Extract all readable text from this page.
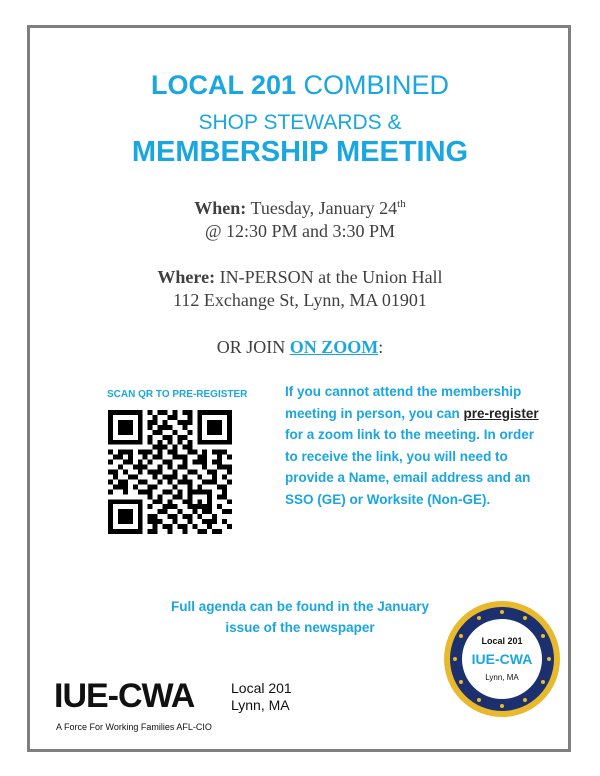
LOCAL 201 COMBINED
SHOP STEWARDS &
MEMBERSHIP MEETING
When: Tuesday, January 24th
@ 12:30 PM and 3:30 PM
Where: IN-PERSON at the Union Hall
112 Exchange St, Lynn, MA 01901
OR JOIN ON ZOOM:
SCAN QR TO PRE-REGISTER	If you cannot attend the membership meeting in person, you can pre-register for a zoom link to the meeting. In order to receive the link, you will need to provide a Name, email address and an SSO (GE) or Worksite (Non-GE).
Full agenda can be found in the January
issue of the newspaper
IUE-CWA	Local 201
Lynn, MA
A Force For Working Families AFL-CIO
Local 201
IUE-CWA
Lynn, MA
